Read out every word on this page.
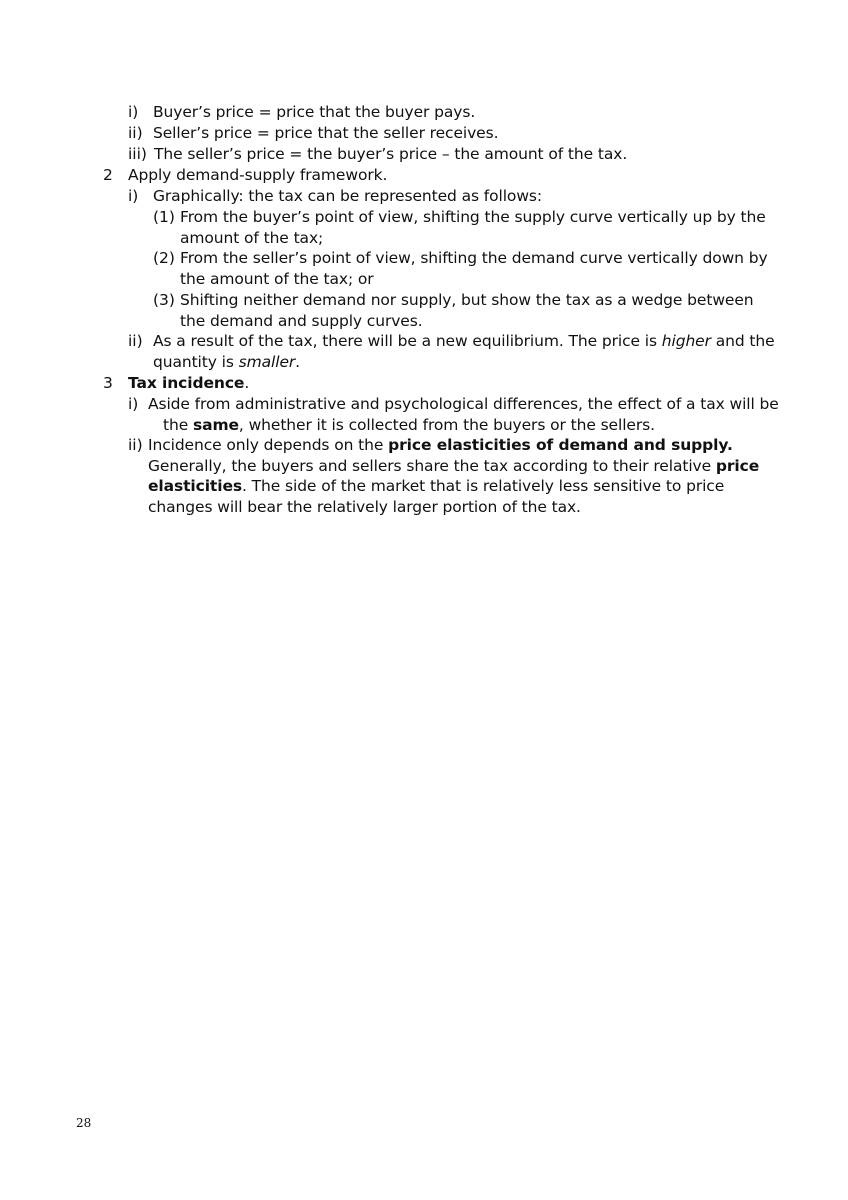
i) Buyer’s price = price that the buyer pays.
ii) Seller’s price = price that the seller receives.
iii) The seller’s price = the buyer’s price – the amount of the tax.
2 Apply demand-supply framework.
i) Graphically: the tax can be represented as follows:
(1) From the buyer’s point of view, shifting the supply curve vertically up by the
amount of the tax;
(2) From the seller’s point of view, shifting the demand curve vertically down by
the amount of the tax; or
(3) Shifting neither demand nor supply, but show the tax as a wedge between
the demand and supply curves.
ii) As a result of the tax, there will be a new equilibrium. The price is higher and the
quantity is smaller.
3 Tax incidence.
i) Aside from administrative and psychological differences, the effect of a tax will be
the same, whether it is collected from the buyers or the sellers.
ii) Incidence only depends on the price elasticities of demand and supply.
Generally, the buyers and sellers share the tax according to their relative price
elasticities. The side of the market that is relatively less sensitive to price
changes will bear the relatively larger portion of the tax.
28
